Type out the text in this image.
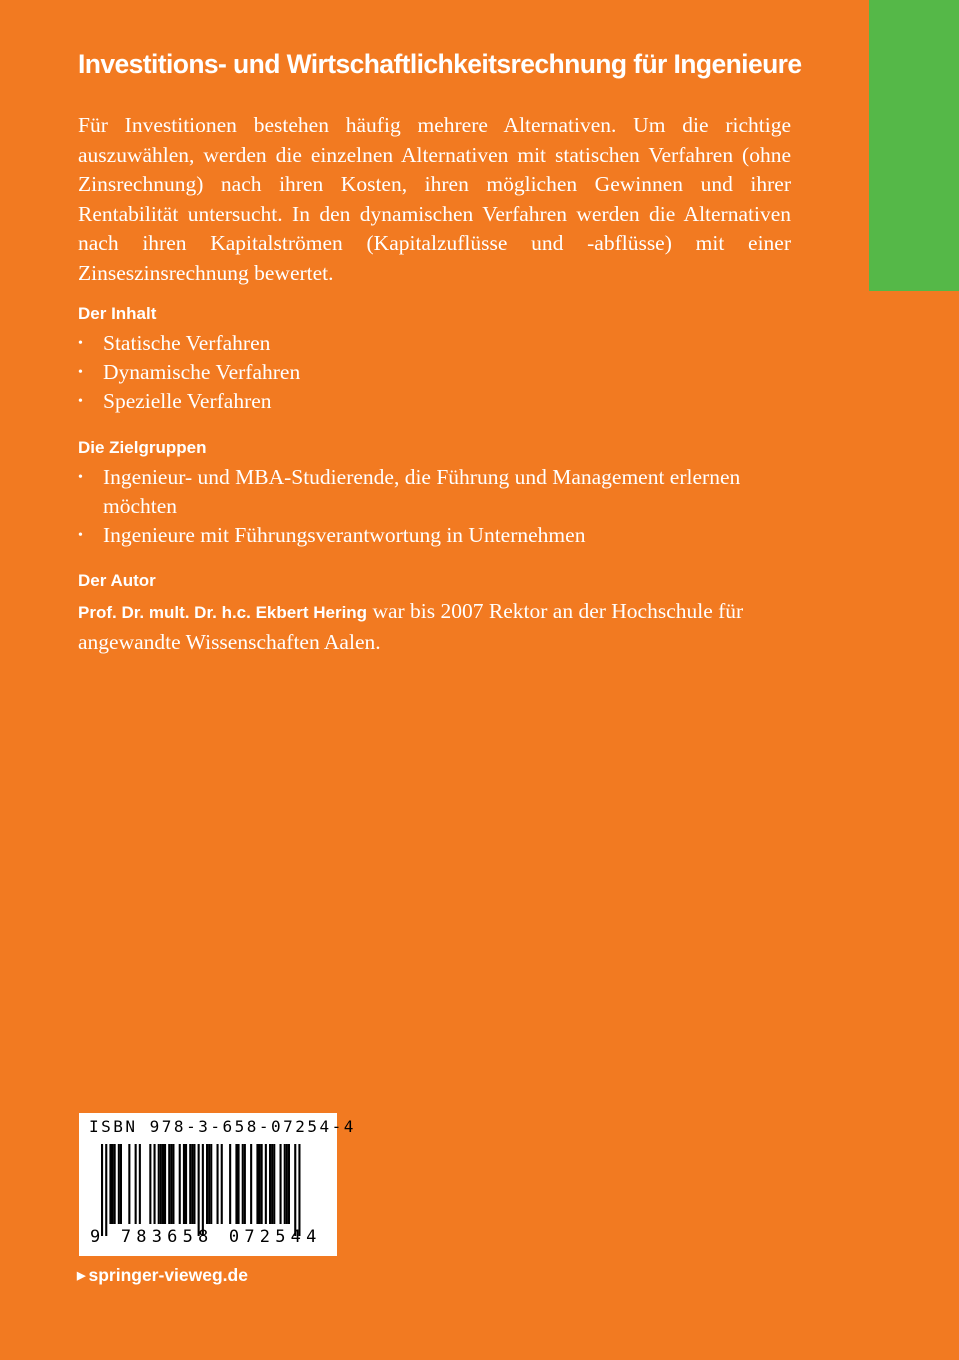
Investitions- und Wirtschaftlichkeitsrechnung für Ingenieure

Für Investitionen bestehen häufig mehrere Alternativen. Um die richtige auszuwählen, werden die einzelnen Alternativen mit statischen Verfahren (ohne Zinsrechnung) nach ihren Kosten, ihren möglichen Gewinnen und ihrer Rentabilität untersucht. In den dynamischen Verfahren werden die Alternativen nach ihren Kapitalströmen (Kapitalzuflüsse und -abflüsse) mit einer Zinseszinsrechnung bewertet.

Der Inhalt
• Statische Verfahren
• Dynamische Verfahren
• Spezielle Verfahren
Die Zielgruppen
• Ingenieur- und MBA-Studierende, die Führung und Management erlernen möchten
• Ingenieure mit Führungsverantwortung in Unternehmen
Der Autor

Prof. Dr. mult. Dr. h.c. Ekbert Hering war bis 2007 Rektor an der Hochschule für angewandte Wissenschaften Aalen.

ISBN 978-3-658-07254-4
9 783658 072544
▶ springer-vieweg.de
